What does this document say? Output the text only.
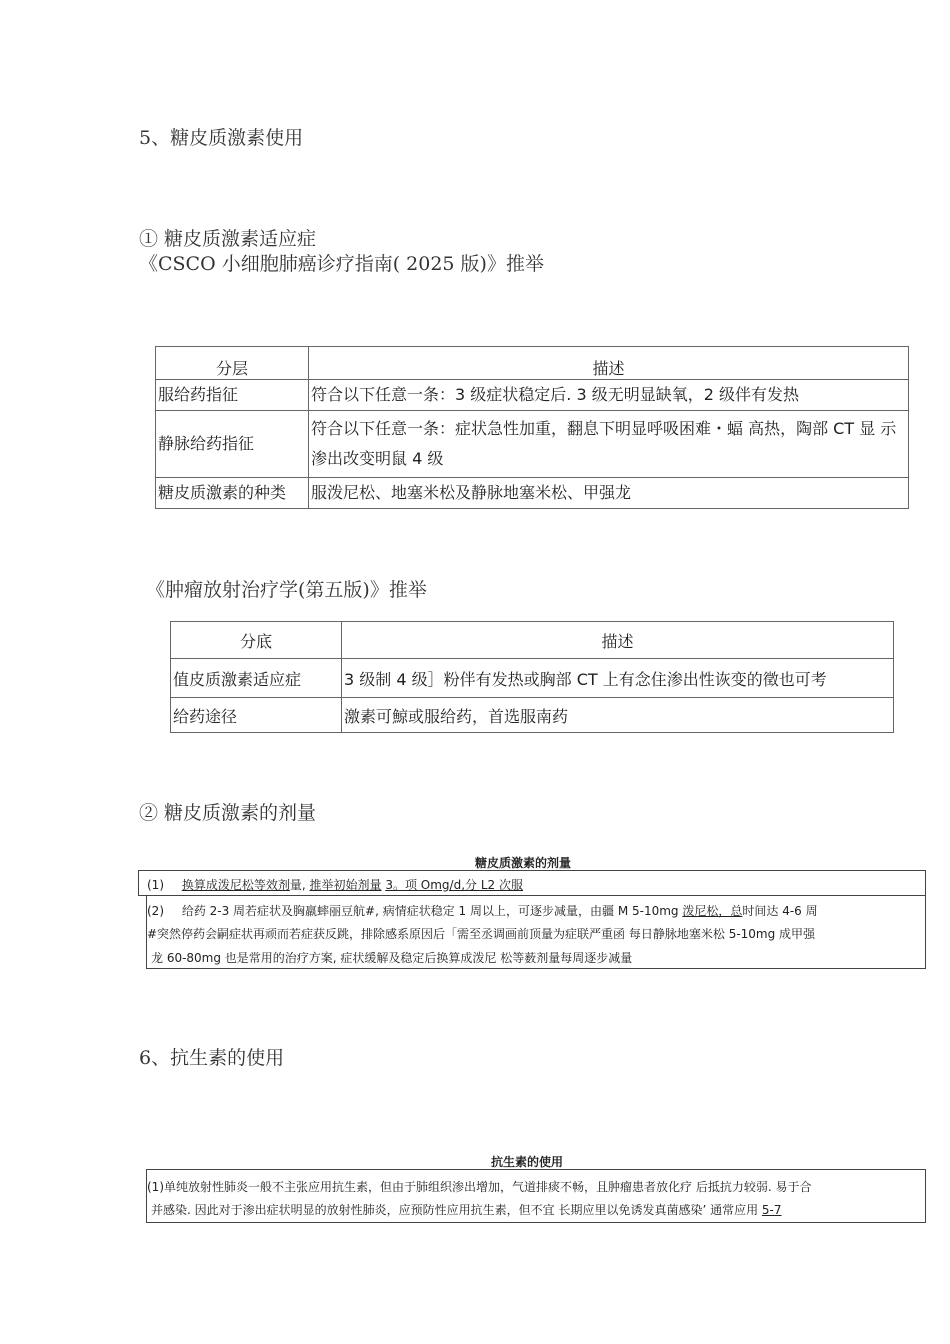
5、糖皮质激素使用
① 糖皮质激素适应症
《CSCO 小细胞肺癌诊疗指南( 2025 版)》推举
分层	描述
服给药指征	符合以下任意一条：3 级症状稳定后. 3 级无明显缺氧，2 级伴有发热
静脉给药指征	符合以下任意一条：症状急性加重，翻息下明显呼吸困难・蝠 高热，陶部 CT 显 示渗出改变明鼠 4 级
糖皮质激素的种类	服泼尼松、地塞米松及静脉地塞米松、甲强龙
《肿瘤放射治疗学(第五版)》推举
分底	描述
值皮质激素适应症	3 级制 4 级］粉伴有发热或胸部 CT 上有念住渗出性诙变的徵也可考
给药途径	激素可鯨或服给药，首选服南药
② 糖皮质激素的剂量
糖皮质激素的剂量
(1) 换算成泼尼松等效剂量, 推举初始剂量 3。项 Omg/d,分 L2 次服
(2) 给药 2-3 周若症状及胸羸蟀丽豆航#, 病情症状稳定 1 周以上，可逐步减量，由疆 M 5-10mg 泼尼松，总时间达 4-6 周
#突然停药会嗣症状再顽而若症获反跳，排除感系原因后「需至丞调画前顶量为症联严重函 每日静脉地塞米松 5-10mg 成甲强
龙 60-80mg 也是常用的治疗方案, 症状缓解及稳定后换算成泼尼 松等薮剂量每周逐步减量
6、抗生素的使用
抗生素的使用
(1)单纯放射性肺炎一般不主张应用抗生素，但由于肺组织渗出增加，气道排痰不畅，且肿瘤患者放化疗 后抵抗力较弱. 易于合
并感染. 因此对于渗出症状明显的放射性肺炎，应预防性应用抗生素，但不宜 长期应里以免诱发真菌感染’ 通常应用 5-7
